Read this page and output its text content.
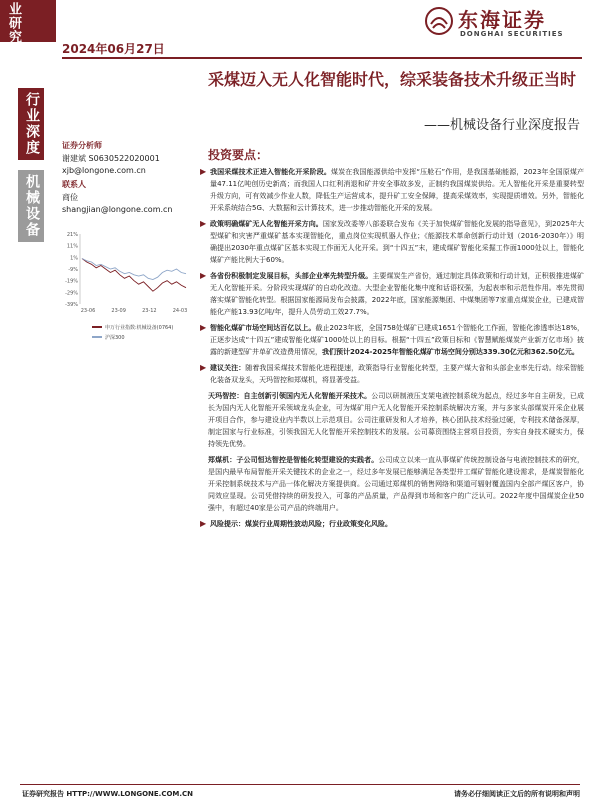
业研究
行业深度
机械设备
2024年06月27日
东海证券
DONGHAI SECURITIES
采煤迈入无人化智能时代，综采装备技术升级正当时
——机械设备行业深度报告
证券分析师
谢建斌 S0630522020001
xjb@longone.com.cn
联系人
商俭
shangjian@longone.com.cn
21%
11%
1%
-9%
-19%
-29%
-39%
23-06	23-09	23-12	24-03
申万行业指数:机械设备(0764)
沪深300
投资要点：
▶ 我国采煤技术正进入智能化开采阶段。煤炭在我国能源供给中发挥“压舱石”作用，是我国基础能源，2023年全国原煤产量47.11亿吨创历史新高；而我国人口红利消退和矿井安全事故多发，正制约我国煤炭供给。无人智能化开采是重要转型升级方向，可有效减少作业人数，降低生产运营成本，提升矿工安全保障，提高采煤效率，实现提质增效。另外，智能化开采系统结合5G、大数据和云计算技术，进一步推动智能化开采的发展。
▶ 政策明确煤矿无人化智能开采方向。国家发改委等八部委联合发布《关于加快煤矿智能化发展的指导意见》，到2025年大型煤矿和灾害严重煤矿基本实现智能化，重点岗位实现机器人作业；《能源技术革命创新行动计划（2016-2030年）》明确提出2030年重点煤矿区基本实现工作面无人化开采。到“十四五”末，建成煤矿智能化采掘工作面1000处以上，智能化煤矿产能比例大于60%。
▶ 各省份积极制定发展目标，头部企业率先转型升级。主要煤炭生产省份，通过制定具体政策和行动计划，正积极推进煤矿无人化智能开采。分阶段实现煤矿的自动化改造。大型企业智能化集中度和话语权强，为起表率和示范性作用。率先贯彻落实煤矿智能化转型。根据国家能源局发布会披露，2022年底，国家能源集团、中煤集团等7家重点煤炭企业，已建成智能化产能13.93亿吨/年，提升人员劳动工效27.7%。
▶ 智能化煤矿市场空间达百亿以上。截止2023年底，全国758处煤矿已建成1651个智能化工作面，智能化渗透率达18%，正逐步达成“十四五”建成智能化煤矿1000处以上的目标。根据“十四五”政策目标和《智慧赋能煤炭产业新万亿市场》披露的新建型矿井单矿改造费用情况，我们预计2024-2025年智能化煤矿市场空间分别达339.30亿元和362.50亿元。
▶ 建议关注：随着我国采煤技术智能化进程提速，政策指导行业智能化转型，主要产煤大省和头部企业率先行动。综采智能化装备双龙头，天玛智控和郑煤机，将显著受益。
天玛智控：自主创新引领国内无人化智能开采技术。公司以研制液压支架电液控制系统为起点，经过多年自主研发，已成长为国内无人化智能开采领域龙头企业，可为煤矿用户无人化智能开采控制系统解决方案，并与多家头部煤炭开采企业展开项目合作，参与建设业内半数以上示范项目。公司注重研发和人才培养，核心团队技术经验过硬，专利技术储备深厚，制定国家与行业标准，引领我国无人化智能开采控制技术的发展。公司募资围绕主营项目投资，夯实自身技术硬实力，保持领先优势。
郑煤机：子公司恒达智控是智能化转型建设的实践者。公司成立以来一直从事煤矿传统控制设备与电液控制技术的研究，是国内最早布局智能开采关键技术的企业之一，经过多年发展已能够满足各类型井工煤矿智能化建设需求，是煤炭智能化开采控制系统技术与产品一体化解决方案提供商。公司通过郑煤机的销售网络和渠道可辐射覆盖国内全部产煤区客户，协同效应显现。公司凭借持续的研发投入，可靠的产品质量，产品得到市场和客户的广泛认可。2022年度中国煤炭企业50强中，有超过40家是公司产品的终端用户。
▶ 风险提示：煤炭行业周期性波动风险；行业政策变化风险。
证券研究报告 HTTP://WWW.LONGONE.COM.CN	请务必仔细阅读正文后的所有说明和声明
